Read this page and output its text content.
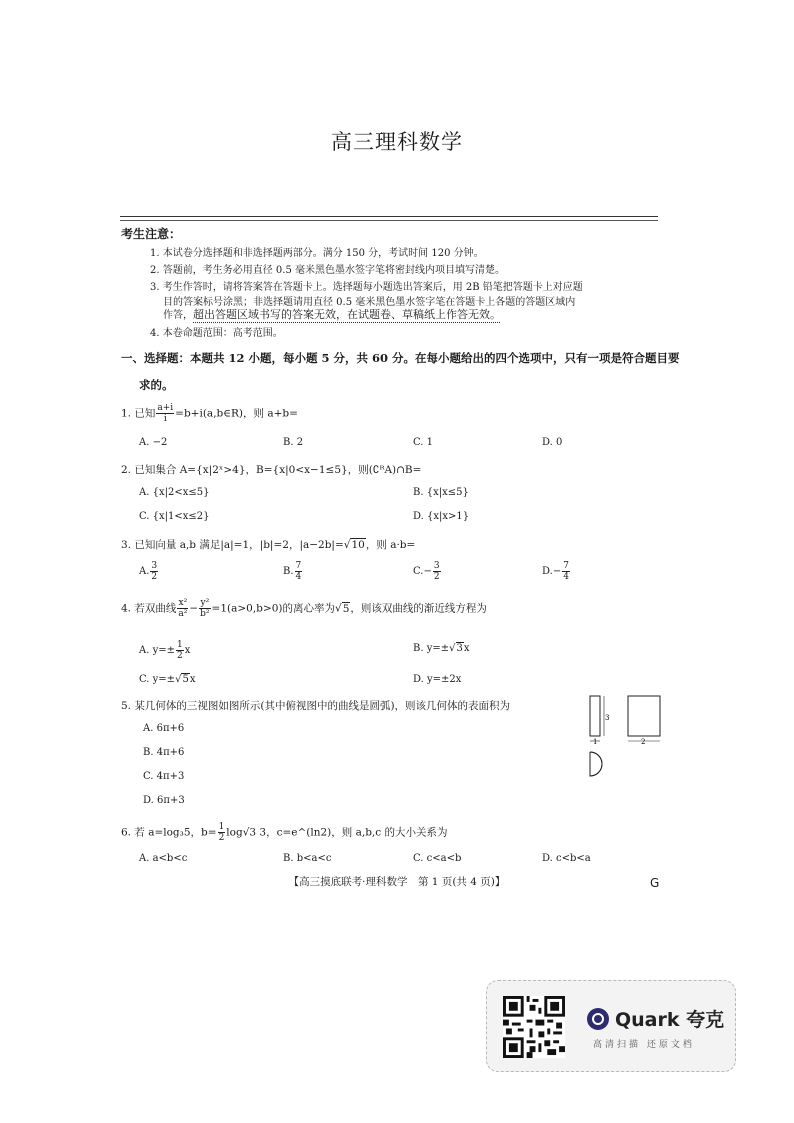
高三理科数学
考生注意：
1. 本试卷分选择题和非选择题两部分。满分 150 分，考试时间 120 分钟。
2. 答题前，考生务必用直径 0.5 毫米黑色墨水签字笔将密封线内项目填写清楚。
3. 考生作答时，请将答案答在答题卡上。选择题每小题选出答案后，用 2B 铅笔把答题卡上对应题
目的答案标号涂黑；非选择题请用直径 0.5 毫米黑色墨水签字笔在答题卡上各题的答题区域内
作答，超出答题区域书写的答案无效，在试题卷、草稿纸上作答无效。
4. 本卷命题范围：高考范围。
一、选择题：本题共 12 小题，每小题 5 分，共 60 分。在每小题给出的四个选项中，只有一项是符合题目要
求的。
1. 已知 $\frac{a+i}{i}$ =b+i(a,b∈R)，则 a+b=
A. −2	B. 2	C. 1	D. 0
2. 已知集合 A={x|2ˣ>4}，B={x|0<x−1≤5}，则(∁ᴿA)∩B=
A. {x|2<x≤5}	B. {x|x≤5}
C. {x|1<x≤2}	D. {x|x>1}
3. 已知向量 a,b 满足|a|=1，|b|=2，|a−2b|=√10，则 a·b=
A. $\frac{3}{2}$	B. $\frac{7}{4}$	$C.- \frac{3}{2}$	$D.- \frac{7}{4}$
4. 若双曲线 $\frac{\text{x²}}{\text{a²}} - \frac{\text{y²}}{\text{b²}} =1(a>0,b>0)$的离心率为√5，则该双曲线的渐近线方程为
A. $y=\pm \frac{1}{2}$ x	B. y=±√3x
C. y=±√5x	D. y=±2x
5. 某几何体的三视图如图所示(其中俯视图中的曲线是圆弧)，则该几何体的表面积为
A. 6π+6
B. 4π+6
C. 4π+3
D. 6π+3
3
1	2
6. 若 a=log₃5，$b= \frac{1}{2} \log√3$ 3，c=e^(ln2)，则 a,b,c 的大小关系为
A. a<b<c	B. b<a<c	C. c<a<b	D. c<b<a
【高三摸底联考·理科数学　第 1 页(共 4 页)】	G
Quark 夸克
高清扫描 还原文档
